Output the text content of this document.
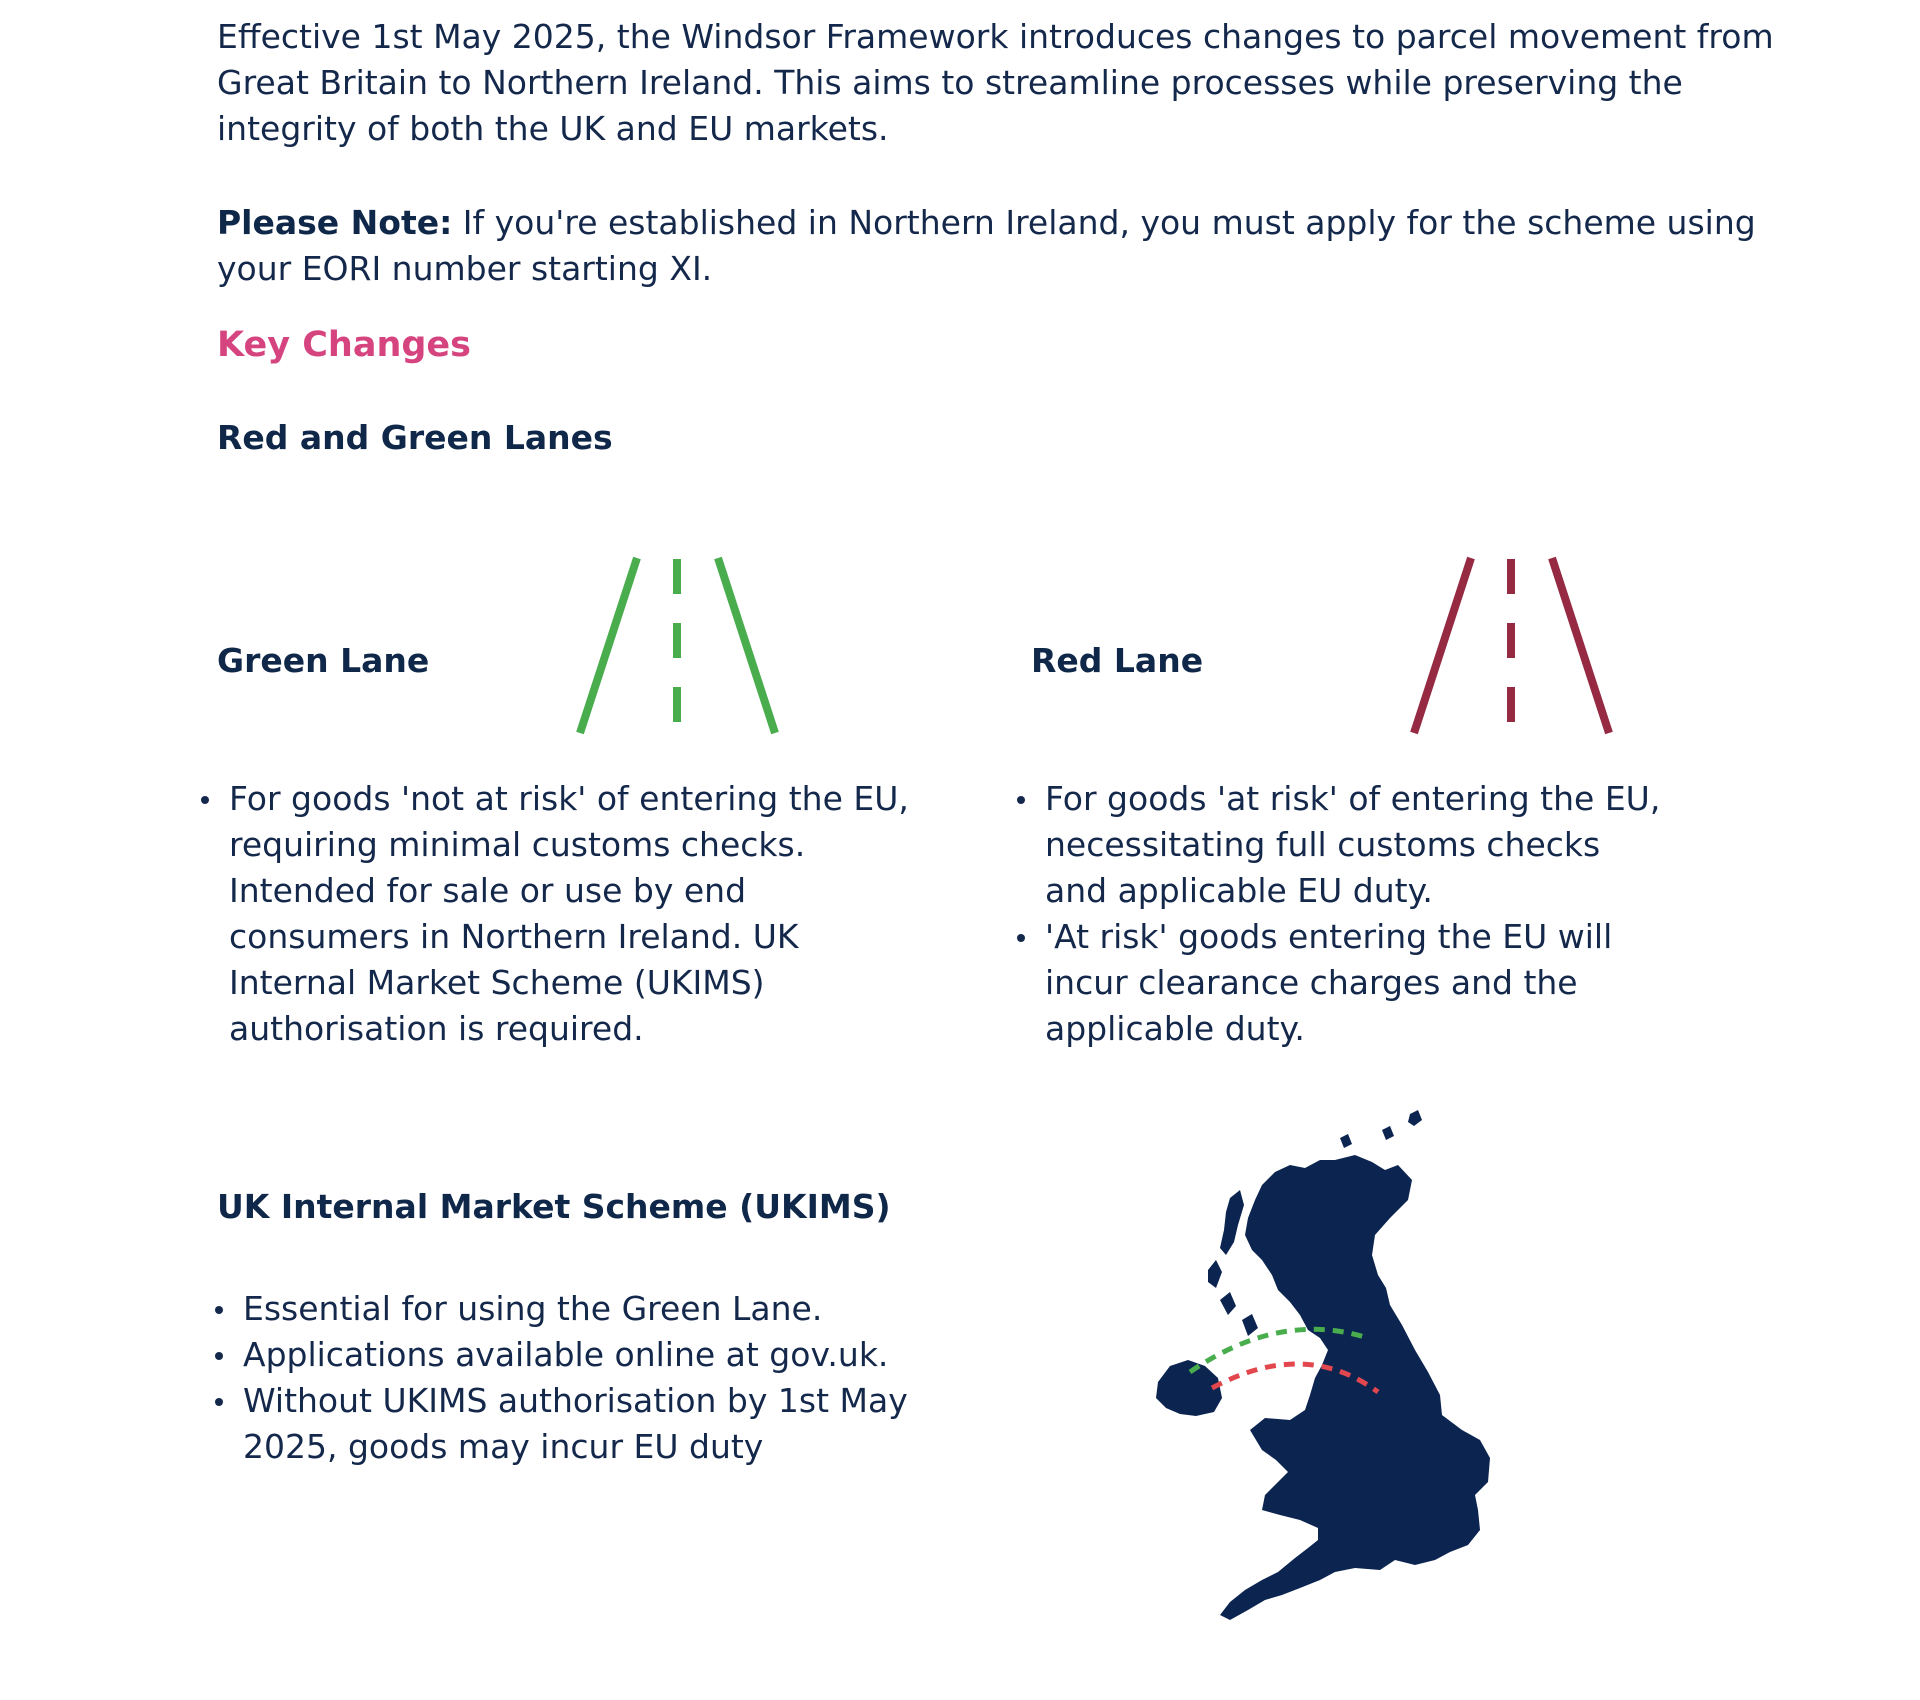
Effective 1st May 2025, the Windsor Framework introduces changes to parcel movement from Great Britain to Northern Ireland. This aims to streamline processes while preserving the integrity of both the UK and EU markets.

Please Note: If you're established in Northern Ireland, you must apply for the scheme using your EORI number starting XI.

Key Changes
Red and Green Lanes
Green Lane	Red Lane
For goods 'not at risk' of entering the EU, requiring minimal customs checks. Intended for sale or use by end consumers in Northern Ireland. UK Internal Market Scheme (UKIMS) authorisation is required.
For goods 'at risk' of entering the EU, necessitating full customs checks and applicable EU duty.
'At risk' goods entering the EU will incur clearance charges and the applicable duty.
UK Internal Market Scheme (UKIMS)
Essential for using the Green Lane.
Applications available online at gov.uk.
Without UKIMS authorisation by 1st May 2025, goods may incur EU duty
